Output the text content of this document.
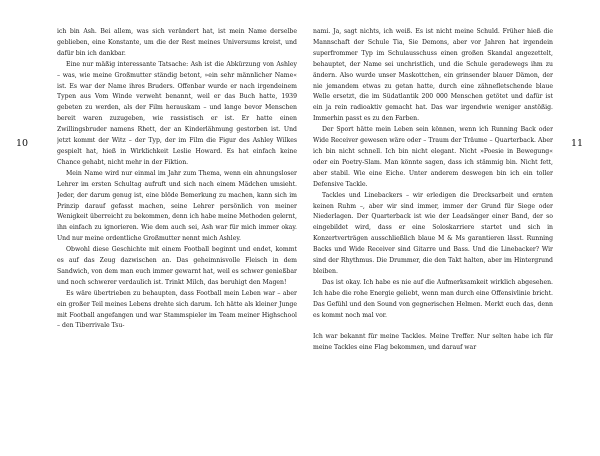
10	11

ich bin Ash. Bei allem, was sich verändert hat, ist mein Name derselbe geblieben, eine Konstante, um die der Rest meines Universums kreist, und dafür bin ich dankbar.

Eine nur mäßig interessante Tatsache: Ash ist die Abkürzung von Ashley – was, wie meine Großmutter ständig betont, »ein sehr männlicher Name« ist. Es war der Name ihres Bruders. Offenbar wurde er nach irgendeinem Typen aus Vom Winde verweht benannt, weil er das Buch hatte, 1939 gebeten zu werden, als der Film herauskam – und lange bevor Menschen bereit waren zuzugeben, wie rassistisch er ist. Er hatte einen Zwillingsbruder namens Rhett, der an Kinderlähmung gestorben ist. Und jetzt kommt der Witz – der Typ, der im Film die Figur des Ashley Wilkes gespielt hat, hieß in Wirklichkeit Leslie Howard. Es hat einfach keine Chance gehabt, nicht mehr in der Fiktion.

Mein Name wird nur einmal im Jahr zum Thema, wenn ein ahnungsloser Lehrer im ersten Schultag aufruft und sich nach einem Mädchen umsieht. Jeder, der darum genug ist, eine blöde Bemerkung zu machen, kann sich im Prinzip darauf gefasst machen, seine Lehrer persönlich von meiner Wenigkeit überreicht zu bekommen, denn ich habe meine Methoden gelernt, ihn einfach zu ignorieren. Wie dem auch sei, Ash war für mich immer okay. Und nur meine ordentliche Großmutter nennt mich Ashley.

Obwohl diese Geschichte mit einem Football beginnt und endet, kommt es auf das Zeug dazwischen an. Das geheimnisvolle Fleisch in dem Sandwich, von dem man euch immer gewarnt hat, weil es schwer genießbar und noch schwerer verdaulich ist. Trinkt Milch, das beruhigt den Magen!

Es wäre übertrieben zu behaupten, dass Football mein Leben war – aber ein großer Teil meines Lebens drehte sich darum. Ich hätte als kleiner Junge mit Football angefangen und war Stammspieler im Team meiner Highschool – den Tiberrivale Tsu-

nami. Ja, sagt nichts, ich weiß. Es ist nicht meine Schuld. Früher hieß die Mannschaft der Schule Tia, Sie Demons, aber vor Jahren hat irgendein superfrommer Typ im Schulausschuss einen großen Skandal angezettelt, behauptet, der Name sei unchristlich, und die Schule geradewegs ihm zu ändern. Also wurde unser Maskottchen, ein grinsender blauer Dämon, der nie jemandem etwas zu getan hatte, durch eine zähnefletschende blaue Welle ersetzt, die im Südatlantik 200 000 Menschen getötet und dafür ist ein ja rein radioaktiv gemacht hat. Das war irgendwie weniger anstößig. Immerhin passt es zu den Farben.

Der Sport hätte mein Leben sein können, wenn ich Running Back oder Wide Receiver gewesen wäre oder – Traum der Träume – Quarterback. Aber ich bin nicht schnell. Ich bin nicht elegant. Nicht »Poesie in Bewegung« oder ein Poetry-Slam. Man könnte sagen, dass ich stämmig bin. Nicht fett, aber stabil. Wie eine Eiche. Unter anderem deswegen bin ich ein toller Defensive Tackle.

Tackles und Linebackers – wir erledigen die Drecksarbeit und ernten keinen Ruhm –, aber wir sind immer, immer der Grund für Siege oder Niederlagen. Der Quarterback ist wie der Leadsänger einer Band, der so eingebildet wird, dass er eine Soloskarriere startet und sich in Konzertverträgen ausschließlich blaue M & Ms garantieren lässt. Running Backs und Wide Receiver sind Gitarre und Bass. Und die Linebacker? Wir sind der Rhythmus. Die Drummer, die den Takt halten, aber im Hintergrund bleiben.

Das ist okay. Ich habe es nie auf die Aufmerksamkeit wirklich abgesehen. Ich habe die rohe Energie geliebt, wenn man durch eine Offensivlinie bricht. Das Gefühl und den Sound von gegnerischen Helmen. Merkt euch das, denn es kommt noch mal vor.

Ich war bekannt für meine Tackles. Meine Treffer. Nur selten habe ich für meine Tackles eine Flag bekommen, und darauf war
